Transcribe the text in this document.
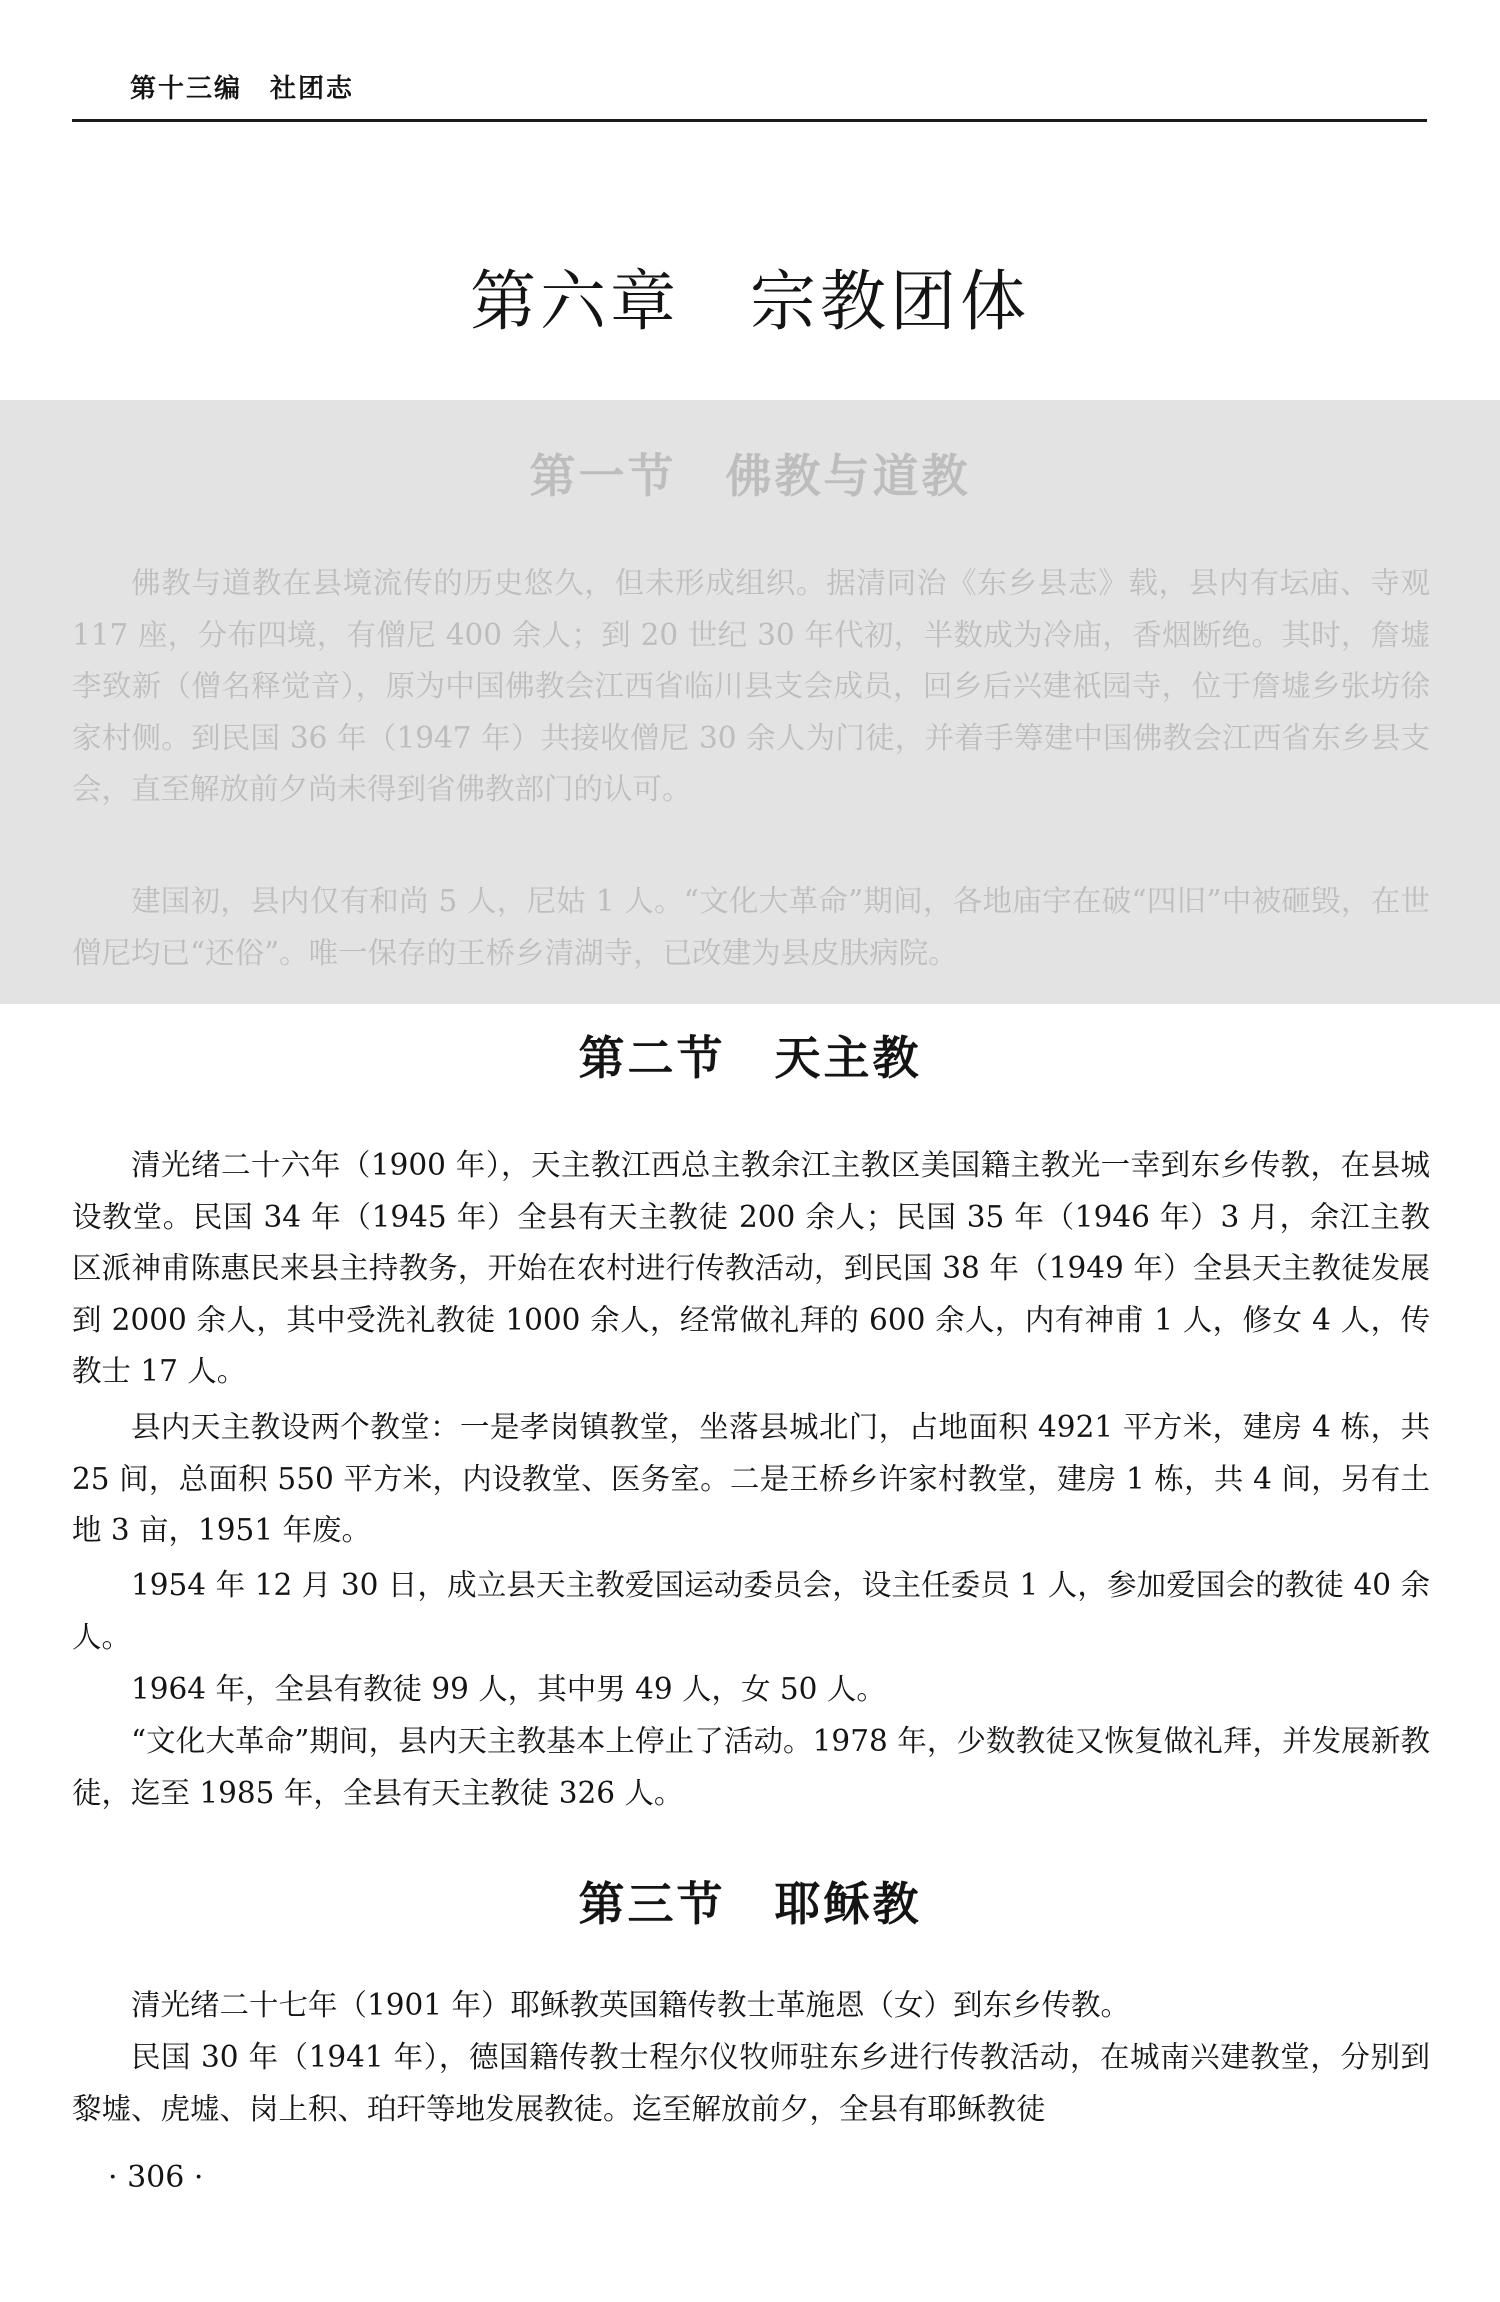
第十三编　社团志
第六章　宗教团体
第一节　佛教与道教

佛教与道教在县境流传的历史悠久，但未形成组织。据清同治《东乡县志》载，县内有坛庙、寺观 117 座，分布四境，有僧尼 400 余人；到 20 世纪 30 年代初，半数成为冷庙，香烟断绝。其时，詹墟李致新（僧名释觉音），原为中国佛教会江西省临川县支会成员，回乡后兴建祇园寺，位于詹墟乡张坊徐家村侧。到民国 36 年（1947 年）共接收僧尼 30 余人为门徒，并着手筹建中国佛教会江西省东乡县支会，直至解放前夕尚未得到省佛教部门的认可。

建国初，县内仅有和尚 5 人，尼姑 1 人。“文化大革命”期间，各地庙宇在破“四旧”中被砸毁，在世僧尼均已“还俗”。唯一保存的王桥乡清湖寺，已改建为县皮肤病院。

第二节　天主教

清光绪二十六年（1900 年），天主教江西总主教余江主教区美国籍主教光一幸到东乡传教，在县城设教堂。民国 34 年（1945 年）全县有天主教徒 200 余人；民国 35 年（1946 年）3 月，余江主教区派神甫陈惠民来县主持教务，开始在农村进行传教活动，到民国 38 年（1949 年）全县天主教徒发展到 2000 余人，其中受洗礼教徒 1000 余人，经常做礼拜的 600 余人，内有神甫 1 人，修女 4 人，传教士 17 人。

县内天主教设两个教堂：一是孝岗镇教堂，坐落县城北门，占地面积 4921 平方米，建房 4 栋，共 25 间，总面积 550 平方米，内设教堂、医务室。二是王桥乡许家村教堂，建房 1 栋，共 4 间，另有土地 3 亩，1951 年废。

1954 年 12 月 30 日，成立县天主教爱国运动委员会，设主任委员 1 人，参加爱国会的教徒 40 余人。

1964 年，全县有教徒 99 人，其中男 49 人，女 50 人。

“文化大革命”期间，县内天主教基本上停止了活动。1978 年，少数教徒又恢复做礼拜，并发展新教徒，迄至 1985 年，全县有天主教徒 326 人。

第三节　耶稣教

清光绪二十七年（1901 年）耶稣教英国籍传教士革施恩（女）到东乡传教。

民国 30 年（1941 年），德国籍传教士程尔仪牧师驻东乡进行传教活动，在城南兴建教堂，分别到黎墟、虎墟、岗上积、珀玕等地发展教徒。迄至解放前夕，全县有耶稣教徒

· 306 ·
